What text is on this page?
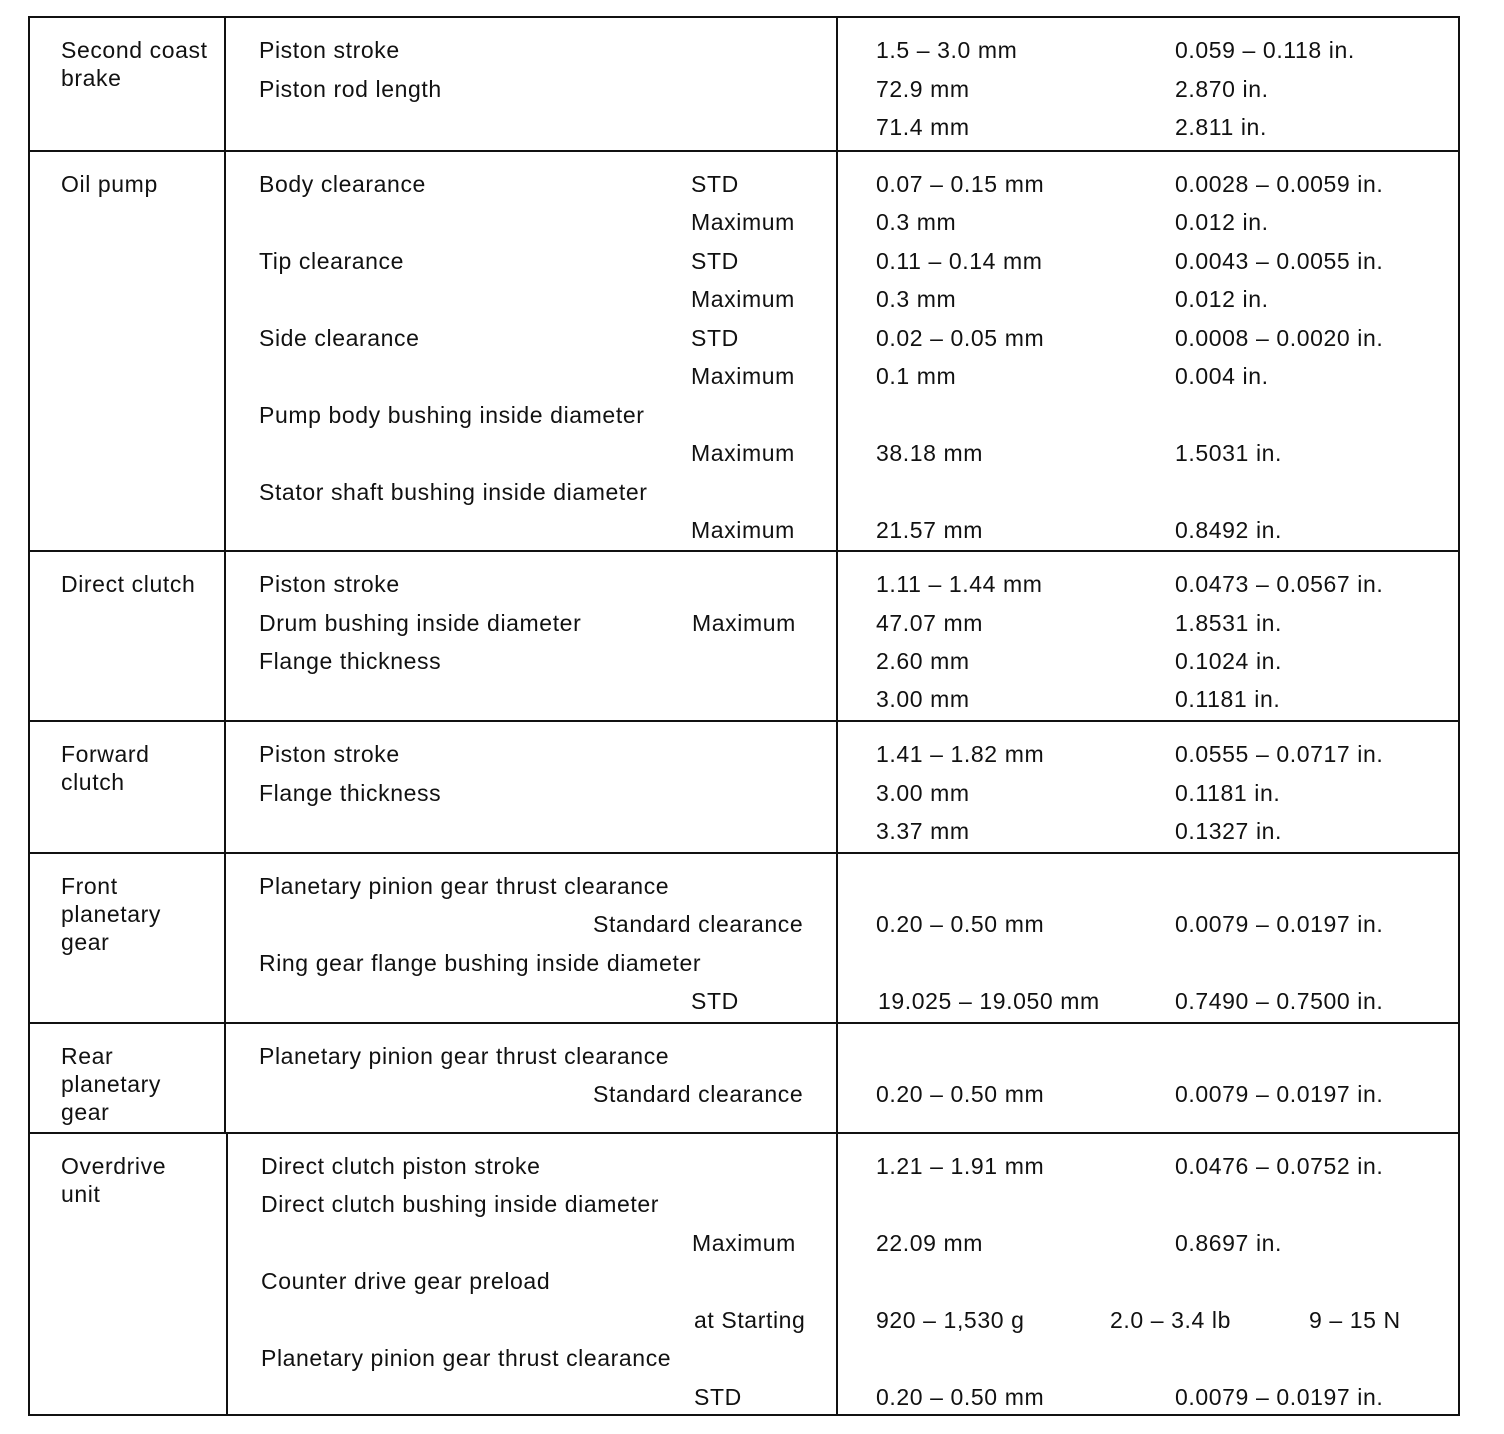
Second coast brake
Piston stroke	1.5 – 3.0 mm	0.059 – 0.118 in.
Piston rod length	72.9 mm	2.870 in.
71.4 mm	2.811 in.
Oil pump	Body clearance	STD	0.07 – 0.15 mm	0.0028 – 0.0059 in.
Maximum	0.3 mm	0.012 in.
Tip clearance	STD	0.11 – 0.14 mm	0.0043 – 0.0055 in.
Maximum	0.3 mm	0.012 in.
Side clearance	STD	0.02 – 0.05 mm	0.0008 – 0.0020 in.
Maximum	0.1 mm	0.004 in.
Pump body bushing inside diameter
Maximum	38.18 mm	1.5031 in.
Stator shaft bushing inside diameter
Maximum	21.57 mm	0.8492 in.
Direct clutch	Piston stroke	1.11 – 1.44 mm	0.0473 – 0.0567 in.
Drum bushing inside diameter	Maximum	47.07 mm	1.8531 in.
Flange thickness	2.60 mm	0.1024 in.
3.00 mm	0.1181 in.
Forward clutch
Piston stroke	1.41 – 1.82 mm	0.0555 – 0.0717 in.
Flange thickness	3.00 mm	0.1181 in.
3.37 mm	0.1327 in.
Front planetary gear
Planetary pinion gear thrust clearance
Standard clearance	0.20 – 0.50 mm	0.0079 – 0.0197 in.
Ring gear flange bushing inside diameter
STD	19.025 – 19.050 mm	0.7490 – 0.7500 in.
Rear planetary gear
Planetary pinion gear thrust clearance
Standard clearance	0.20 – 0.50 mm	0.0079 – 0.0197 in.
Overdrive unit
Direct clutch piston stroke	1.21 – 1.91 mm	0.0476 – 0.0752 in.
Direct clutch bushing inside diameter
Maximum	22.09 mm	0.8697 in.
Counter drive gear preload
at Starting	920 – 1,530 g	2.0 – 3.4 lb	9 – 15 N
Planetary pinion gear thrust clearance
STD	0.20 – 0.50 mm	0.0079 – 0.0197 in.
